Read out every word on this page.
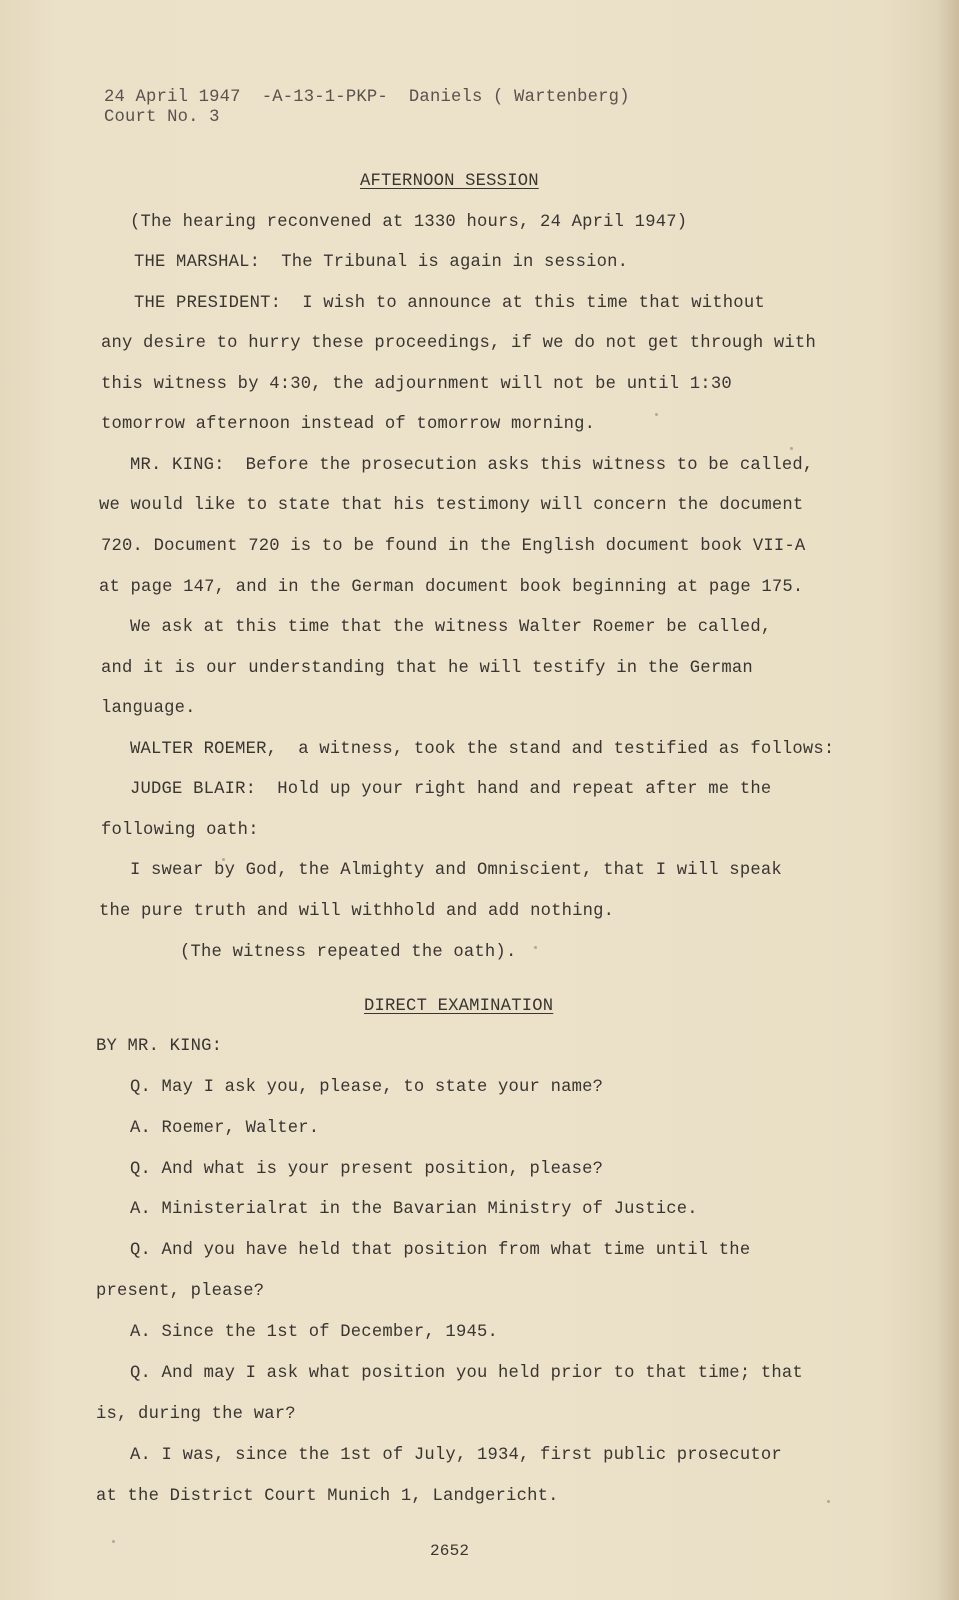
24 April 1947  -A-13-1-PKP-  Daniels ( Wartenberg)
Court No. 3
AFTERNOON SESSION
(The hearing reconvened at 1330 hours, 24 April 1947)
THE MARSHAL:  The Tribunal is again in session.
THE PRESIDENT:  I wish to announce at this time that without
any desire to hurry these proceedings, if we do not get through with
this witness by 4:30, the adjournment will not be until 1:30
tomorrow afternoon instead of tomorrow morning.
MR. KING:  Before the prosecution asks this witness to be called,
we would like to state that his testimony will concern the document
720. Document 720 is to be found in the English document book VII-A
at page 147, and in the German document book beginning at page 175.
We ask at this time that the witness Walter Roemer be called,
and it is our understanding that he will testify in the German
language.
WALTER ROEMER,  a witness, took the stand and testified as follows:
JUDGE BLAIR:  Hold up your right hand and repeat after me the
following oath:
I swear by God, the Almighty and Omniscient, that I will speak
the pure truth and will withhold and add nothing.
(The witness repeated the oath).
DIRECT EXAMINATION
BY MR. KING:
Q. May I ask you, please, to state your name?
A. Roemer, Walter.
Q. And what is your present position, please?
A. Ministerialrat in the Bavarian Ministry of Justice.
Q. And you have held that position from what time until the
present, please?
A. Since the 1st of December, 1945.
Q. And may I ask what position you held prior to that time; that
is, during the war?
A. I was, since the 1st of July, 1934, first public prosecutor
at the District Court Munich 1, Landgericht.
2652
